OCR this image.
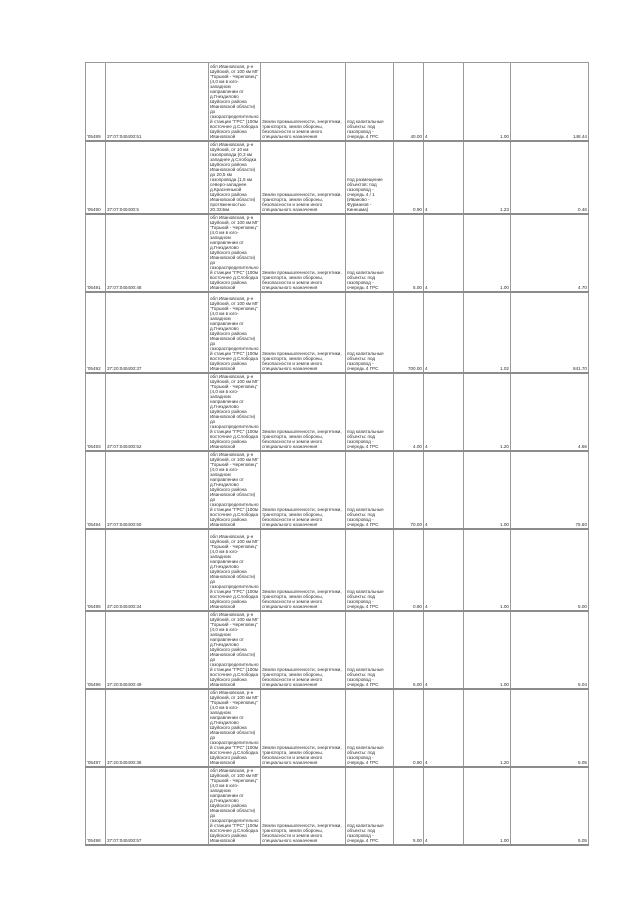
'05489	37:07:040400:51	обл Ивановская, р-н Шуйский, от 100 км МГ "Горький - Череповец" (4,0 км в юго-западном направлении от д.Гнездилово Шуйского района Ивановской области) до газораспределительной станции "ГРС" (100м восточнее д.Слободка Шуйского района Ивановской	Земли промышленности, энергетики, транспорта, земли обороны, безопасности и земли иного специального назначения	под капитальные объекты: под газопровод - очередь 4 ГРС	40.00	4	1.00	148.44
'05490	37:07:040400:5	обл Ивановская, р-н Шуйский, от 10 км газопровода (0,3 км западнее д.Слободка Шуйского района Ивановской области) до 20,5 км газопровода (1,5 км северо-западнее д.Красненькой Шуйского района Ивановской области) протяженностью 20.324км	Земли промышленности, энергетики, транспорта, земли обороны, безопасности и земли иного специального назначения	под размещение объектов: под газопровод - очередь 4 / 1 (Иваново - Фурманов - Кинешма)	0.90	4	1.23	0.46
'05491	37:07:040400:48	обл Ивановская, р-н Шуйский, от 100 км МГ "Горький - Череповец" (4,0 км в юго-западном направлении от д.Гнездилово Шуйского района Ивановской области) до газораспределительной станции "ГРС" (100м восточнее д.Слободка Шуйского района Ивановской	Земли промышленности, энергетики, транспорта, земли обороны, безопасности и земли иного специального назначения	под капитальные объекты: под газопровод - очередь 4 ГРС	5.00	4	1.00	4.70
'05492	37:20:040400:37	обл Ивановская, р-н Шуйский, от 100 км МГ "Горький - Череповец" (4,0 км в юго-западном направлении от д.Гнездилово Шуйского района Ивановской области) до газораспределительной станции "ГРС" (100м восточнее д.Слободка Шуйского района Ивановской	Земли промышленности, энергетики, транспорта, земли обороны, безопасности и земли иного специального назначения	под капитальные объекты: под газопровод - очередь 4 ГРС	700.00	4	1.02	841.70
'05493	37:07:040400:52	обл Ивановская, р-н Шуйский, от 100 км МГ "Горький - Череповец" (4,0 км в юго-западном направлении от д.Гнездилово Шуйского района Ивановской области) до газораспределительной станции "ГРС" (100м восточнее д.Слободка Шуйского района Ивановской	Земли промышленности, энергетики, транспорта, земли обороны, безопасности и земли иного специального назначения	под капитальные объекты: под газопровод - очередь 4 ГРС	4.00	4	1.20	4.66
'05494	37:07:040400:50	обл Ивановская, р-н Шуйский, от 100 км МГ "Горький - Череповец" (4,0 км в юго-западном направлении от д.Гнездилово Шуйского района Ивановской области) до газораспределительной станции "ГРС" (100м восточнее д.Слободка Шуйского района Ивановской	Земли промышленности, энергетики, транспорта, земли обороны, безопасности и земли иного специального назначения	под капитальные объекты: под газопровод - очередь 4 ГРС	70.00	4	1.00	75.60
'05495	37:20:040400:34	обл Ивановская, р-н Шуйский, от 100 км МГ "Горький - Череповец" (4,0 км в юго-западном направлении от д.Гнездилово Шуйского района Ивановской области) до газораспределительной станции "ГРС" (100м восточнее д.Слободка Шуйского района Ивановской	Земли промышленности, энергетики, транспорта, земли обороны, безопасности и земли иного специального назначения	под капитальные объекты: под газопровод - очередь 4 ГРС	0.60	4	1.00	5.00
'05496	37:20:040400:49	обл Ивановская, р-н Шуйский, от 100 км МГ "Горький - Череповец" (4,0 км в юго-западном направлении от д.Гнездилово Шуйского района Ивановской области) до газораспределительной станции "ГРС" (100м восточнее д.Слободка Шуйского района Ивановской	Земли промышленности, энергетики, транспорта, земли обороны, безопасности и земли иного специального назначения	под капитальные объекты: под газопровод - очередь 4 ГРС	5.00	4	1.00	5.04
'05497	37:20:040400:36	обл Ивановская, р-н Шуйский, от 100 км МГ "Горький - Череповец" (4,0 км в юго-западном направлении от д.Гнездилово Шуйского района Ивановской области) до газораспределительной станции "ГРС" (100м восточнее д.Слободка Шуйского района Ивановской	Земли промышленности, энергетики, транспорта, земли обороны, безопасности и земли иного специального назначения	под капитальные объекты: под газопровод - очередь 4 ГРС	0.90	4	1.20	5.05
'05498	37:07:040400:57	обл Ивановская, р-н Шуйский, от 100 км МГ "Горький - Череповец" (4,0 км в юго-западном направлении от д.Гнездилово Шуйского района Ивановской области) до газораспределительной станции "ГРС" (100м восточнее д.Слободка Шуйского района Ивановской	Земли промышленности, энергетики, транспорта, земли обороны, безопасности и земли иного специального назначения	под капитальные объекты: под газопровод - очередь 4 ГРС	5.00	4	1.00	5.05
